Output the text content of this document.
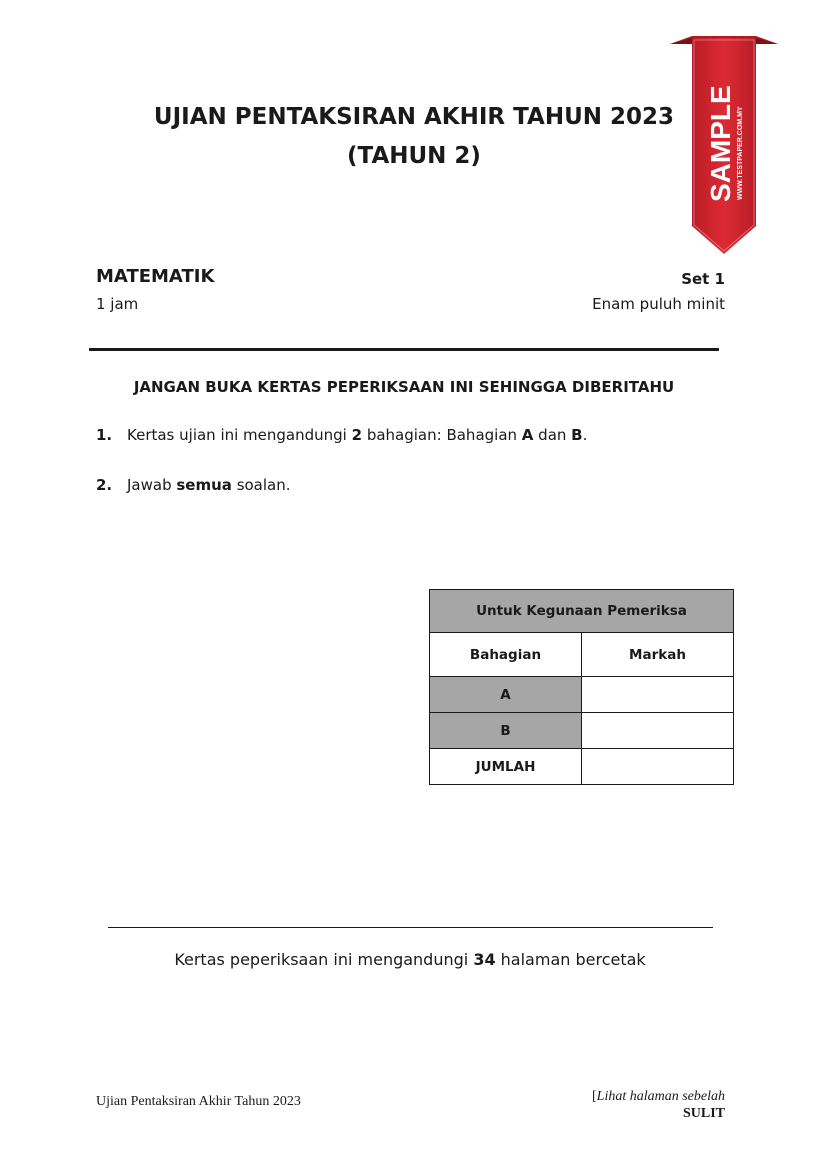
UJIAN PENTAKSIRAN AKHIR TAHUN 2023
(TAHUN 2)	SAMPLE WWW.TESTPAPER.COM.MY
MATEMATIK
1 jam
Set 1
Enam puluh minit
JANGAN BUKA KERTAS PEPERIKSAAN INI SEHINGGA DIBERITAHU
1. Kertas ujian ini mengandungi 2 bahagian: Bahagian A dan B.
2. Jawab semua soalan.
Untuk Kegunaan Pemeriksa	
Bahagian	Markah
A	
B	
JUMLAH	
Kertas peperiksaan ini mengandungi 34 halaman bercetak
Ujian Pentaksiran Akhir Tahun 2023	[Lihat halaman sebelah
SULIT
